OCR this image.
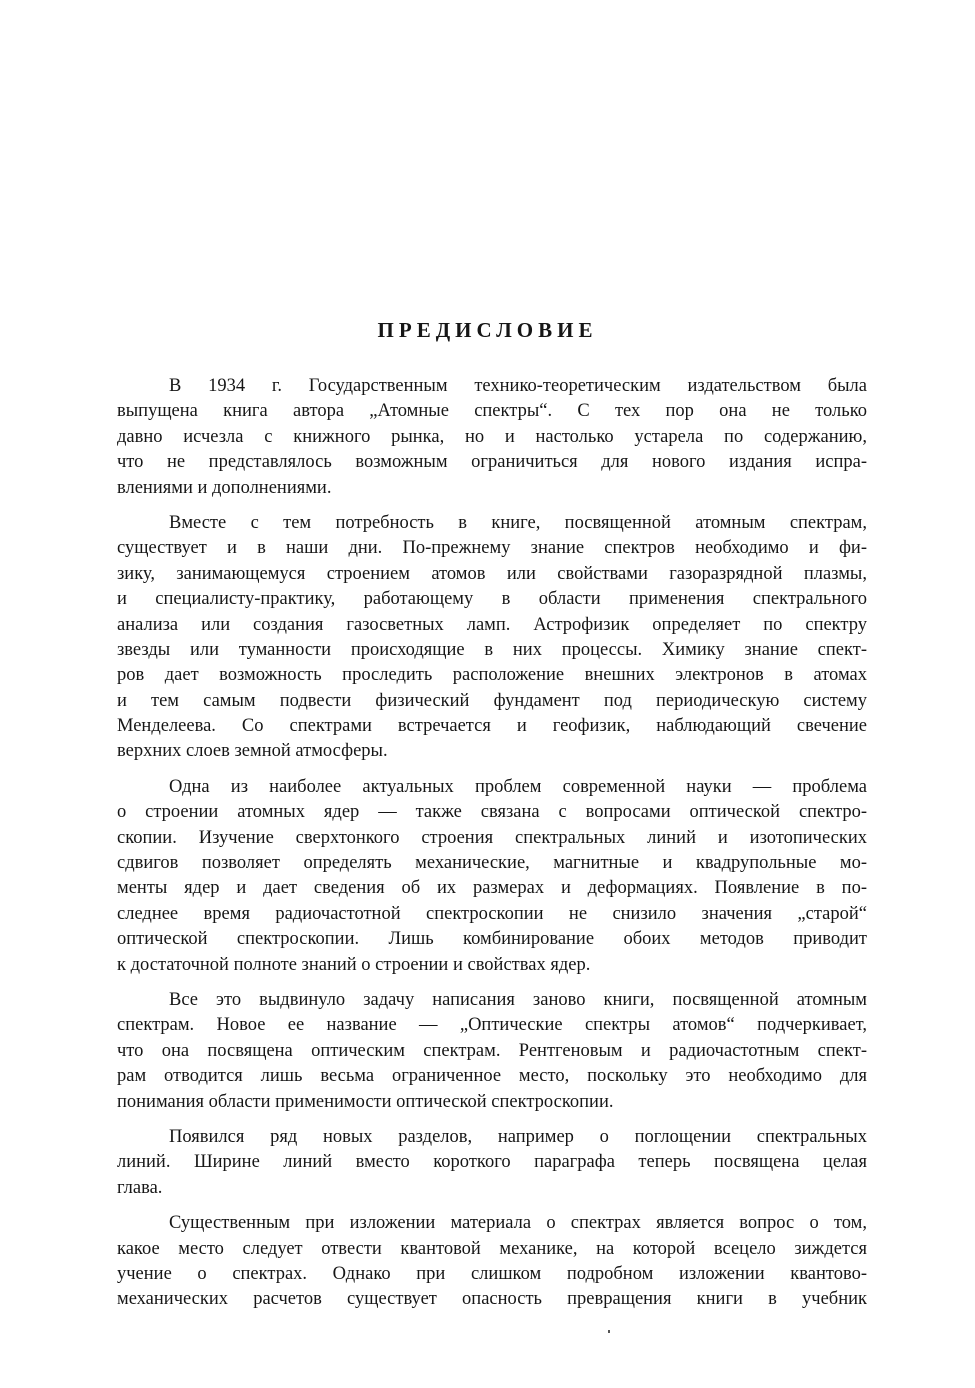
ПРЕДИСЛОВИЕ
В 1934 г. Государственным технико-теоретическим издательством была
выпущена книга автора „Атомные спектры“. С тех пор она не только
давно исчезла с книжного рынка, но и настолько устарела по содержанию,
что не представлялось возможным ограничиться для нового издания испра-
влениями и дополнениями.
Вместе с тем потребность в книге, посвященной атомным спектрам,
существует и в наши дни. По-прежнему знание спектров необходимо и фи-
зику, занимающемуся строением атомов или свойствами газоразрядной плазмы,
и специалисту-практику, работающему в области применения спектрального
анализа или создания газосветных ламп. Астрофизик определяет по спектру
звезды или туманности происходящие в них процессы. Химику знание спект-
ров дает возможность проследить расположение внешних электронов в атомах
и тем самым подвести физический фундамент под периодическую систему
Менделеева. Со спектрами встречается и геофизик, наблюдающий свечение
верхних слоев земной атмосферы.
Одна из наиболее актуальных проблем современной науки — проблема
о строении атомных ядер — также связана с вопросами оптической спектро-
скопии. Изучение сверхтонкого строения спектральных линий и изотопических
сдвигов позволяет определять механические, магнитные и квадрупольные мо-
менты ядер и дает сведения об их размерах и деформациях. Появление в по-
следнее время радиочастотной спектроскопии не снизило значения „старой“
оптической спектроскопии. Лишь комбинирование обоих методов приводит
к достаточной полноте знаний о строении и свойствах ядер.
Все это выдвинуло задачу написания заново книги, посвященной атомным
спектрам. Новое ее название — „Оптические спектры атомов“ подчеркивает,
что она посвящена оптическим спектрам. Рентгеновым и радиочастотным спект-
рам отводится лишь весьма ограниченное место, поскольку это необходимо для
понимания области применимости оптической спектроскопии.
Появился ряд новых разделов, например о поглощении спектральных
линий. Ширине линий вместо короткого параграфа теперь посвящена целая
глава.
Существенным при изложении материала о спектрах является вопрос о том,
какое место следует отвести квантовой механике, на которой всецело зиждется
учение о спектрах. Однако при слишком подробном изложении квантово-
механических расчетов существует опасность превращения книги в учебник
